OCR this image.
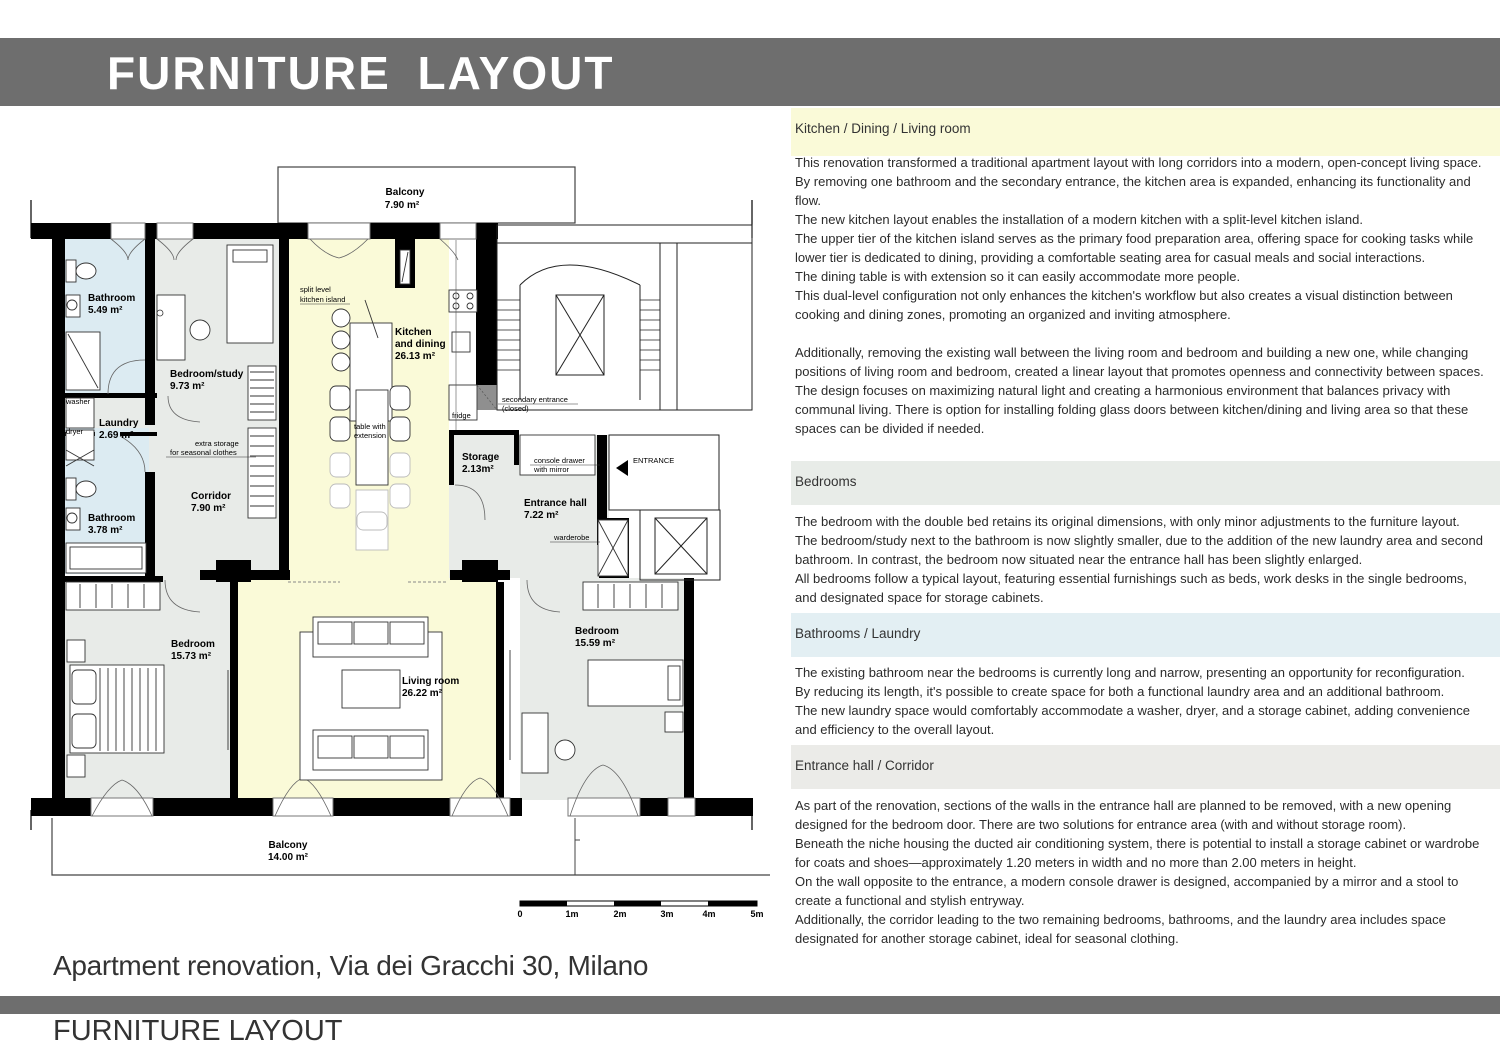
FURNITURE LAYOUT
Balcony
7.90 m²
Bathroom
5.49 m²
Bedroom/study
9.73 m²
Kitchen
and dining
26.13 m²
Laundry
2.69 m²
Storage
2.13m²
Corridor
7.90 m²	Entrance hall
7.22 m²
Bathroom
3.78 m²
Bedroom
15.73 m²
Living room
26.22 m²
Bedroom
15.59 m²
Balcony
14.00 m²
split level
kitchen island
table with
extension
secondary entrance
(closed)
fridge
washer
dryer
extra storage
for seasonal clothes
console drawer
with mirror
ENTRANCE
warderobe
0	1m	2m	3m	4m	5m
Kitchen / Dining / Living room

This renovation transformed a traditional apartment layout with long corridors into a modern, open-concept living space.

By removing one bathroom and the secondary entrance, the kitchen area is expanded, enhancing its functionality and flow.

The new kitchen layout enables the installation of a modern kitchen with a split-level kitchen island.

The upper tier of the kitchen island serves as the primary food preparation area, offering space for cooking tasks while lower tier is dedicated to dining, providing a comfortable seating area for casual meals and social interactions.

The dining table is with extension so it can easily accommodate more people.

This dual-level configuration not only enhances the kitchen's workflow but also creates a visual distinction between cooking and dining zones, promoting an organized and inviting atmosphere.

Additionally, removing the existing wall between the living room and bedroom and building a new one, while changing positions of living room and bedroom, created a linear layout that promotes openness and connectivity between spaces.

The design focuses on maximizing natural light and creating a harmonious environment that balances privacy with communal living. There is option for installing folding glass doors between kitchen/dining and living area so that these spaces can be divided if needed.

Bedrooms

The bedroom with the double bed retains its original dimensions, with only minor adjustments to the furniture layout.

The bedroom/study next to the bathroom is now slightly smaller, due to the addition of the new laundry area and second bathroom. In contrast, the bedroom now situated near the entrance hall has been slightly enlarged.

All bedrooms follow a typical layout, featuring essential furnishings such as beds, work desks in the single bedrooms, and designated space for storage cabinets.

Bathrooms / Laundry

The existing bathroom near the bedrooms is currently long and narrow, presenting an opportunity for reconfiguration.

By reducing its length, it's possible to create space for both a functional laundry area and an additional bathroom.

The new laundry space would comfortably accommodate a washer, dryer, and a storage cabinet, adding convenience and efficiency to the overall layout.

Entrance hall / Corridor

As part of the renovation, sections of the walls in the entrance hall are planned to be removed, with a new opening designed for the bedroom door. There are two solutions for entrance area (with and without storage room).

Beneath the niche housing the ducted air conditioning system, there is potential to install a storage cabinet or wardrobe for coats and shoes—approximately 1.20 meters in width and no more than 2.00 meters in height.

On the wall opposite to the entrance, a modern console drawer is designed, accompanied by a mirror and a stool to create a functional and stylish entryway.

Additionally, the corridor leading to the two remaining bedrooms, bathrooms, and the laundry area includes space designated for another storage cabinet, ideal for seasonal clothing.

Apartment renovation, Via dei Gracchi 30, Milano
FURNITURE LAYOUT
